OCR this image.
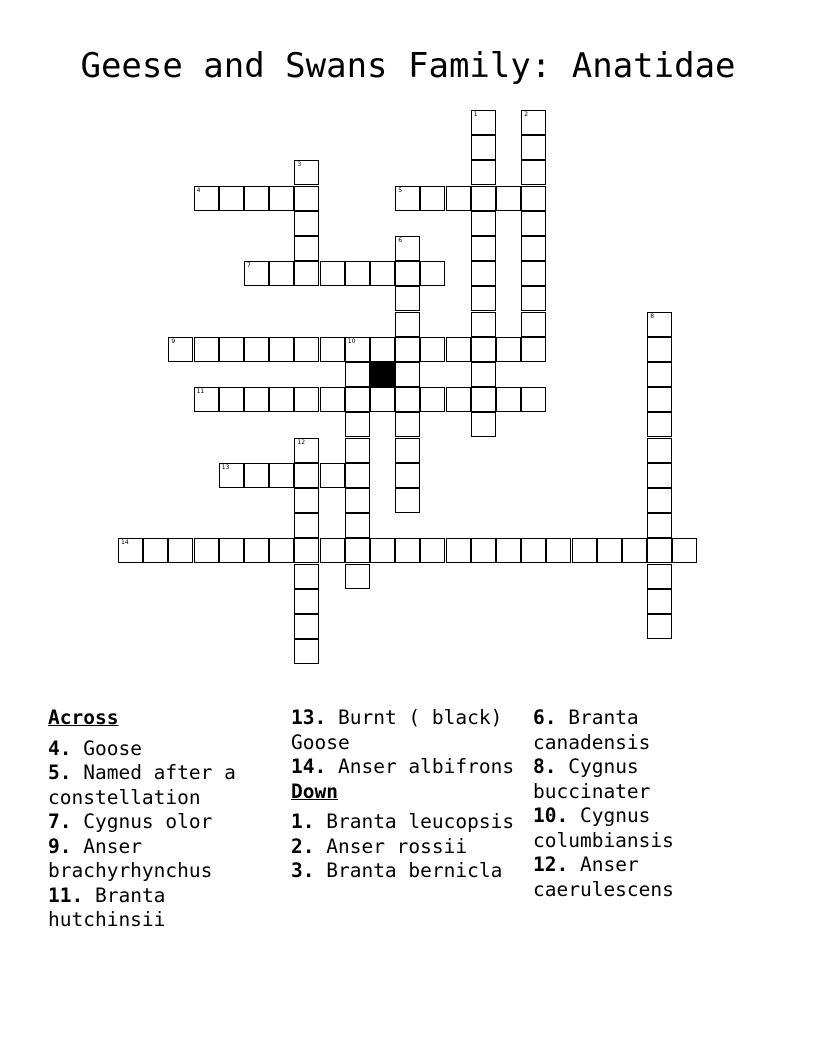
Geese and Swans Family: Anatidae
1	2
3
4	5
6
7
8
9	10
11
12
13
14
Across

4. Goose

5. Named after a constellation

7. Cygnus olor

9. Anser brachyrhynchus

11. Branta hutchinsii

13. Burnt ( black) Goose

14. Anser albifrons

Down

1. Branta leucopsis

2. Anser rossii

3. Branta bernicla

6. Branta canadensis

8. Cygnus buccinater

10. Cygnus columbiansis

12. Anser caerulescens
